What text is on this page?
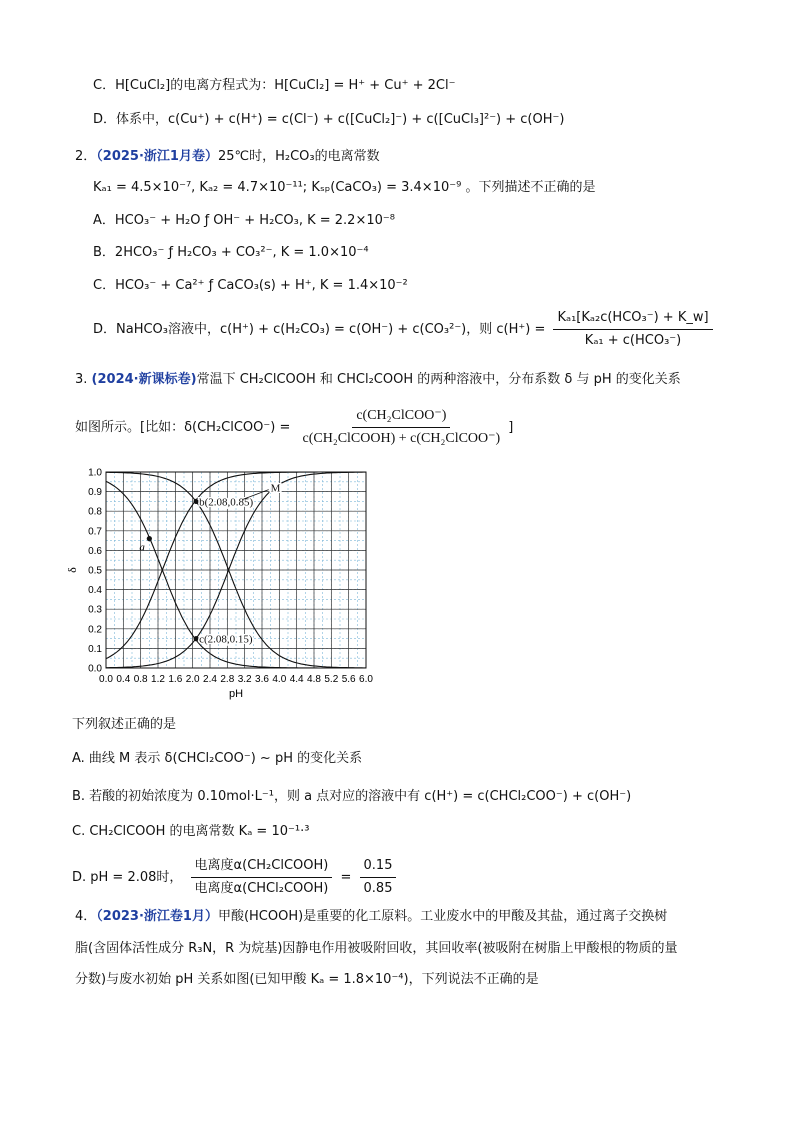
C．H[CuCl₂]的电离方程式为：H[CuCl₂] = H⁺ + Cu⁺ + 2Cl⁻
D．体系中，c(Cu⁺) + c(H⁺) = c(Cl⁻) + c([CuCl₂]⁻) + c([CuCl₃]²⁻) + c(OH⁻)
2．（2025·浙江1月卷）25℃时，H₂CO₃的电离常数
Kₐ₁ = 4.5×10⁻⁷, Kₐ₂ = 4.7×10⁻¹¹; Kₛₚ(CaCO₃) = 3.4×10⁻⁹ 。下列描述不正确的是
A．HCO₃⁻ + H₂O ƒ OH⁻ + H₂CO₃, K = 2.2×10⁻⁸
B．2HCO₃⁻ ƒ H₂CO₃ + CO₃²⁻, K = 1.0×10⁻⁴
C．HCO₃⁻ + Ca²⁺ ƒ CaCO₃(s) + H⁺, K = 1.4×10⁻²
D．NaHCO₃溶液中，c(H⁺) + c(H₂CO₃) = c(OH⁻) + c(CO₃²⁻)，则 $c(H^+) = \frac{\text{Kₐ₁[Kₐ₂c(HCO₃⁻) + K\_w]}}{\text{Kₐ₁ + c(HCO₃⁻)}}$
3. (2024·新课标卷)常温下 CH₂ClCOOH 和 CHCl₂COOH 的两种溶液中，分布系数 δ 与 pH 的变化关系
如图所示。[比如：δ(CH₂ClCOO⁻) = $\frac{\text{c(CH₂ClCOO⁻)}}{\text{c(CH₂ClCOOH) + c(CH₂ClCOO⁻)}}$ ]
0.0 0.4 0.8 1.2 1.6 2.0 2.4 2.8 3.2 3.6 4.0 4.4 4.8 5.2 5.6 6.0
0.0
0.1
0.2
0.3
0.4
0.5
0.6
0.7
0.8
0.9
1.0
pH
δ
a
b(2.08,0.85)
c(2.08,0.15)
M
下列叙述正确的是
A. 曲线 M 表示 δ(CHCl₂COO⁻) ~ pH 的变化关系
B. 若酸的初始浓度为 0.10mol·L⁻¹，则 a 点对应的溶液中有 c(H⁺) = c(CHCl₂COO⁻) + c(OH⁻)
C. CH₂ClCOOH 的电离常数 Kₐ = 10⁻¹·³
D. pH = 2.08时， $\frac{\text{电离度α(CH₂ClCOOH)}}{\text{电离度α(CHCl₂COOH)}} = \frac{0.15}{0.85}$
4．（2023·浙江卷1月）甲酸(HCOOH)是重要的化工原料。工业废水中的甲酸及其盐，通过离子交换树
脂(含固体活性成分 R₃N，R 为烷基)因静电作用被吸附回收，其回收率(被吸附在树脂上甲酸根的物质的量
分数)与废水初始 pH 关系如图(已知甲酸 Kₐ = 1.8×10⁻⁴)，下列说法不正确的是
